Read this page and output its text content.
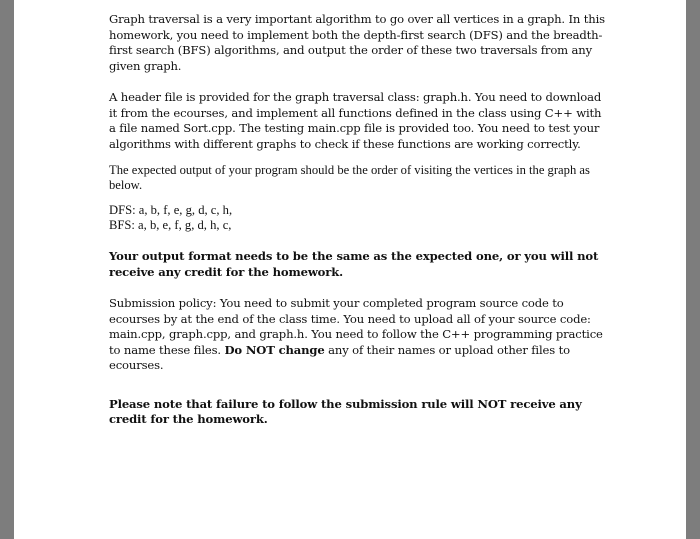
Graph traversal is a very important algorithm to go over all vertices in a graph. In this homework, you need to implement both the depth-first search (DFS) and the breadth-first search (BFS) algorithms, and output the order of these two traversals from any given graph.

A header file is provided for the graph traversal class: graph.h. You need to download it from the ecourses, and implement all functions defined in the class using C++ with a file named Sort.cpp. The testing main.cpp file is provided too. You need to test your algorithms with different graphs to check if these functions are working correctly.

The expected output of your program should be the order of visiting the vertices in the graph as below.

DFS: a, b, f, e, g, d, c, h,

BFS: a, b, e, f, g, d, h, c,

Your output format needs to be the same as the expected one, or you will not receive any credit for the homework.

Submission policy: You need to submit your completed program source code to ecourses by at the end of the class time. You need to upload all of your source code: main.cpp, graph.cpp, and graph.h. You need to follow the C++ programming practice to name these files. Do NOT change any of their names or upload other files to ecourses.

Please note that failure to follow the submission rule will NOT receive any credit for the homework.
